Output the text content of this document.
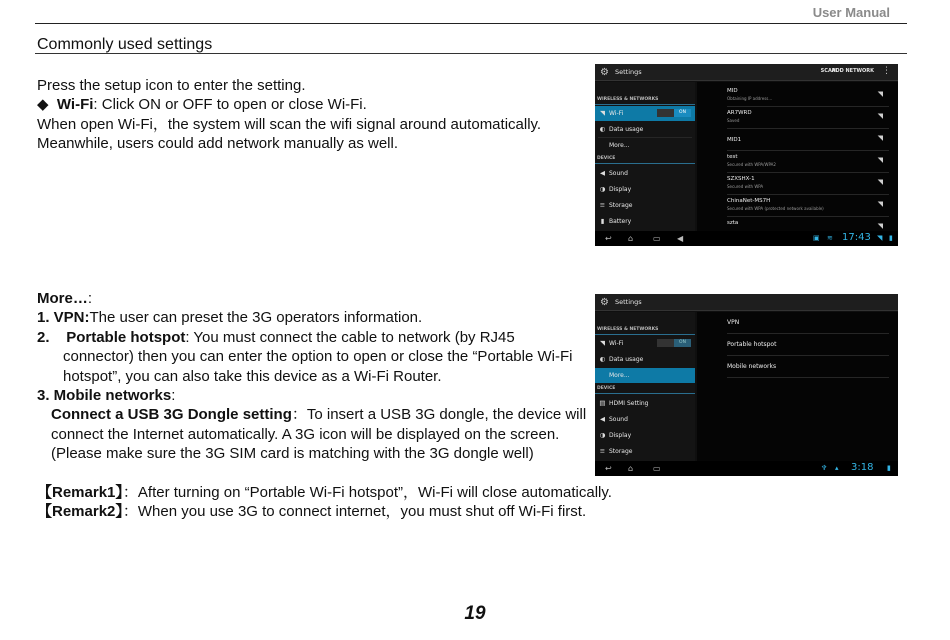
User Manual
Commonly used settings
Press the setup icon to enter the setting.
◆ Wi-Fi: Click ON or OFF to open or close Wi-Fi.
When open Wi-Fi，the system will scan the wifi signal around automatically.
Meanwhile, users could add network manually as well.
More…:
1. VPN:The user can preset the 3G operators information.
2. Portable hotspot: You must connect the cable to network (by RJ45
connector) then you can enter the option to open or close the “Portable Wi-Fi
hotspot”, you can also take this device as a Wi-Fi Router.
3. Mobile networks:
Connect a USB 3G Dongle setting：To insert a USB 3G dongle, the device will
connect the Internet automatically. A 3G icon will be displayed on the screen.
(Please make sure the 3G SIM card is matching with the 3G dongle well)
【Remark1】：After turning on “Portable Wi-Fi hotspot”，Wi-Fi will close automatically.
【Remark2】：When you use 3G to connect internet，you must shut off Wi-Fi first.
19
⚙ Settings	SCAN
ADD NETWORK ⋮
WIRELESS & NETWORKS
◥ Wi-Fi	ON
◐ Data usage
More...
DEVICE
◀ Sound
◑ Display
≡ Storage
▮ Battery
MID
Obtaining IP address...
◥
AR7WRD
Saved
◥
MID1	◥
test
Secured with WPA/WPA2
◥
SZXSHX-1
Secured with WPA
◥
ChinaNet-MS7H
Secured with WPA (protected network available)
◥
szta	◥
↩ ⌂ ▭ ◀	▣ ≋ 17:43 ◥ ▮
⚙ Settings
WIRELESS & NETWORKS
◥ Wi-Fi	ON
◐ Data usage
More...
DEVICE
▤ HDMI Setting
◀ Sound
◑ Display
≡ Storage
VPN
Portable hotspot
Mobile networks
↩ ⌂ ▭	♆ ▴ 3:18 ▮
